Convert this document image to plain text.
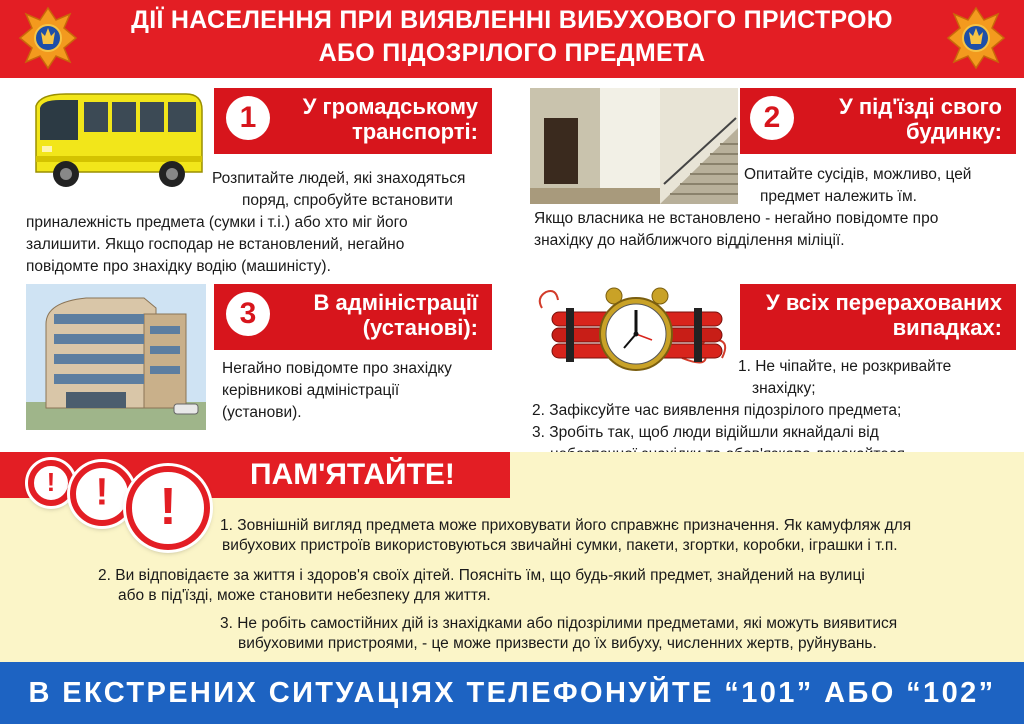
ДІЇ НАСЕЛЕННЯ ПРИ ВИЯВЛЕННІ ВИБУХОВОГО ПРИСТРОЮ
АБО ПІДОЗРІЛОГО ПРЕДМЕТА
У громадському
транспорті:
1
Розпитайте людей, які знаходяться
поряд, спробуйте встановити
приналежність предмета (сумки і т.і.) або хто міг його
залишити. Якщо господар не встановлений, негайно
повідомте про знахідку водію (машиністу).
У під'їзді свого
будинку:
2
Опитайте сусідів, можливо, цей
предмет належить їм.
Якщо власника не встановлено - негайно повідомте про
знахідку до найближчого відділення міліції.
В адміністрації
(установі):
3
Негайно повідомте про знахідку
керівникові адміністрації
(установи).
У всіх перерахованих
випадках:
1. Не чіпайте, не розкривайте
знахідку;
2. Зафіксуйте час виявлення підозрілого предмета;
3. Зробіть так, щоб люди відійшли якнайдалі від
ПАМ'ЯТАЙТЕ!
!	! !	1. Зовнішній вигляд предмета може приховувати його справжнє призначення. Як камуфляж для
вибухових пристроїв використовуються звичайні сумки, пакети, згортки, коробки, іграшки і т.п.
2. Ви відповідаєте за життя і здоров'я своїх дітей. Поясніть їм, що будь-який предмет, знайдений на вулиці
або в під'їзді, може становити небезпеку для життя.
3. Не робіть самостійних дій із знахідками або підозрілими предметами, які можуть виявитися
вибуховими пристроями, - це може призвести до їх вибуху, численних жертв, руйнувань.
В ЕКСТРЕНИХ СИТУАЦІЯХ ТЕЛЕФОНУЙТЕ “101” АБО “102”
